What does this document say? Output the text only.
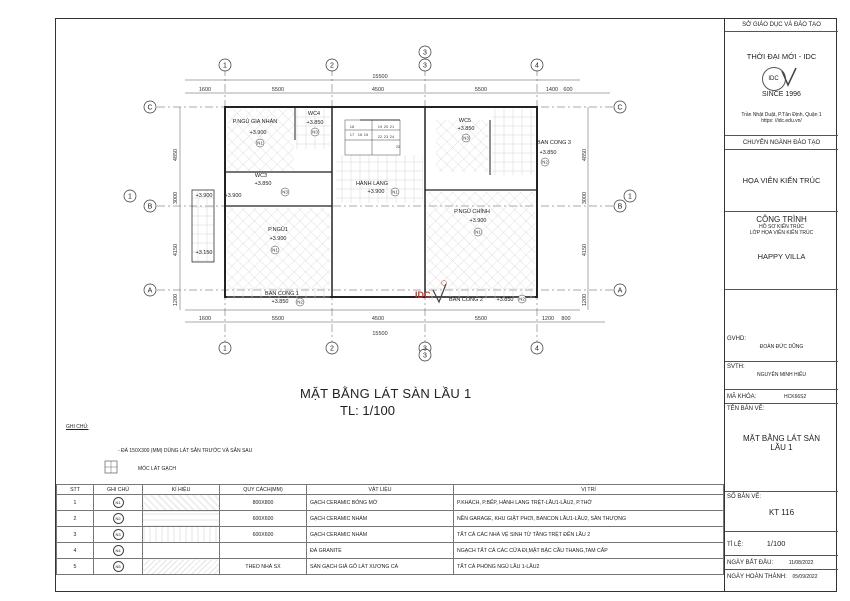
1	2	3	4
1	2	3	4
C
B
A
C
B
A
1	1
3
3
15500
1600	5500	4500	5500	1400 600
15500
1600	5500	4500	5500	1200 800
4850
3000
4150
1200
4850
3000
4150
1200
17 16 15
18	19 20 21
22 23 24
25
P.NGỦ GIA NHÂN
+3.900
WC4
+3.850
WC3
+3.850	HÀNH LANG
+3.900
P.NGỦ1
+3.900
BAN CONG 1
+3.850
WC5
+3.850
BAN CONG 3
+3.850
P.NGỦ CHÍNH
+3.900
BAN CONG 2 +3.850
+3.900
+3.150
+3.900
N1
N3
N3	N1
N1
N2
N3
N2
N1
N2
IDC
MẶT BẰNG LÁT SÀN LẦU 1
TL: 1/100
GHI CHÚ:
- ĐÁ 150X300 (MM) DÙNG LÁT SÂN TRƯỚC VÀ SÂN SAU
MÓC LÁT GẠCH
STT	GHI CHÚ	KÍ HIỆU	QUY CÁCH(MM)	VẬT LIỆU	VỊ TRÍ
1	N1		800X800	GẠCH CERAMIC BÓNG MỜ	P.KHÁCH, P.BẾP, HÀNH LANG TRỆT-LẦU1-LẦU2, P.THỜ
2	N2		600X600	GẠCH CERAMIC NHÁM	NỀN GARAGE, KHU GIẶT PHƠI, BANCON LẦU1-LẦU2, SÂN THƯỢNG
3	N3		600X600	GẠCH CERAMIC NHÁM	TẤT CẢ CÁC NHÀ VỆ SINH TỪ TẦNG TRỆT ĐẾN LẦU 2
4	N4			ĐÁ GRANITE	NGẠCH TẤT CẢ CÁC CỬA ĐI,MẶT BẬC CẦU THANG,TAM CẤP
5	N5		THEO NHÀ SX	SÀN GẠCH GIẢ GỖ LÁT XƯƠNG CÁ	TẤT CẢ PHÒNG NGỦ LẦU 1-LẦU2
SỞ GIÁO DỤC VÀ ĐÀO TẠO
THỜI ĐẠI MỚI - IDC
IDC
SINCE 1996
Trần Nhật Duật, P.Tân Định, Quận 1
https: //idc.edu.vn/
CHUYÊN NGÀNH ĐÀO TẠO
HỌA VIÊN KIẾN TRÚC
CÔNG TRÌNH
HỒ SƠ KIẾN TRÚC
LỚP HỌA VIÊN KIẾN TRÚC
HAPPY VILLA
GVHD:
ĐOÀN ĐỨC DŨNG
SVTH:
NGUYỄN MINH HIẾU
MÃ KHÓA:	HCK66S2
TÊN BẢN VẼ:
MẶT BẰNG LÁT SÀN
LẦU 1
SỐ BẢN VẼ:
KT 116
TỈ LỆ:	1/100
NGÀY BẮT ĐẦU:	11/08/2022
NGÀY HOÀN THÀNH: 05/09/2022
